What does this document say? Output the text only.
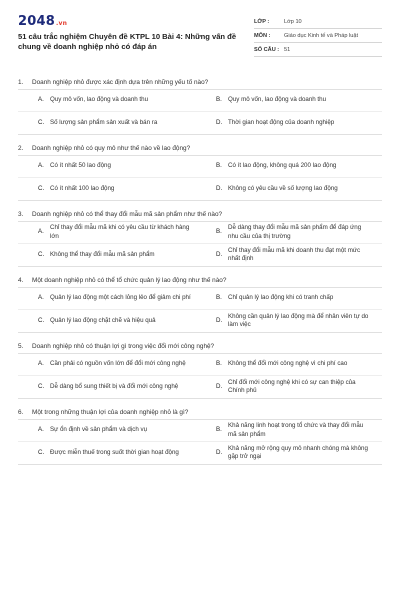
2048.vn
51 câu trắc nghiệm Chuyên đề KTPL 10 Bài 4: Những vấn đề chung về doanh nghiệp nhỏ có đáp án
LỚP :	Lớp 10
MÔN :	Giáo dục Kinh tế và Pháp luật
SỐ CÂU : 51
1.	Doanh nghiệp nhỏ được xác định dựa trên những yếu tố nào?
A. Quy mô vốn, lao động và doanh thu	B. Quy mô vốn, lao động và doanh thu
C. Số lượng sản phẩm sản xuất và bán ra	D. Thời gian hoạt động của doanh nghiệp
2.	Doanh nghiệp nhỏ có quy mô như thế nào về lao động?
A. Có ít nhất 50 lao động	B. Có ít lao động, không quá 200 lao động
C. Có ít nhất 100 lao động	D. Không có yêu cầu về số lượng lao động
3.	Doanh nghiệp nhỏ có thể thay đổi mẫu mã sản phẩm như thế nào?
A.
Chỉ thay đổi mẫu mã khi có yêu cầu từ khách hàng lớn
B.
Dễ dàng thay đổi mẫu mã sản phẩm để đáp ứng nhu cầu của thị trường
C. Không thể thay đổi mẫu mã sản phẩm	D.
Chỉ thay đổi mẫu mã khi doanh thu đạt một mức nhất định
4.	Một doanh nghiệp nhỏ có thể tổ chức quản lý lao động như thế nào?
A. Quản lý lao động một cách lỏng lẻo để giảm chi phí	B. Chỉ quản lý lao động khi có tranh chấp
C. Quản lý lao động chặt chẽ và hiệu quả	D.
Không cần quản lý lao động mà để nhân viên tự do làm việc
5.	Doanh nghiệp nhỏ có thuận lợi gì trong việc đổi mới công nghệ?
A. Cần phải có nguồn vốn lớn để đổi mới công nghệ	B. Không thể đổi mới công nghệ vì chi phí cao
C. Dễ dàng bổ sung thiết bị và đổi mới công nghệ	D.
Chỉ đổi mới công nghệ khi có sự can thiệp của Chính phủ
6.	Một trong những thuận lợi của doanh nghiệp nhỏ là gì?
A. Sự ổn định về sản phẩm và dịch vụ	B.
Khả năng linh hoạt trong tổ chức và thay đổi mẫu mã sản phẩm
C. Được miễn thuế trong suốt thời gian hoạt động	D.
Khả năng mở rộng quy mô nhanh chóng mà không gặp trở ngại
